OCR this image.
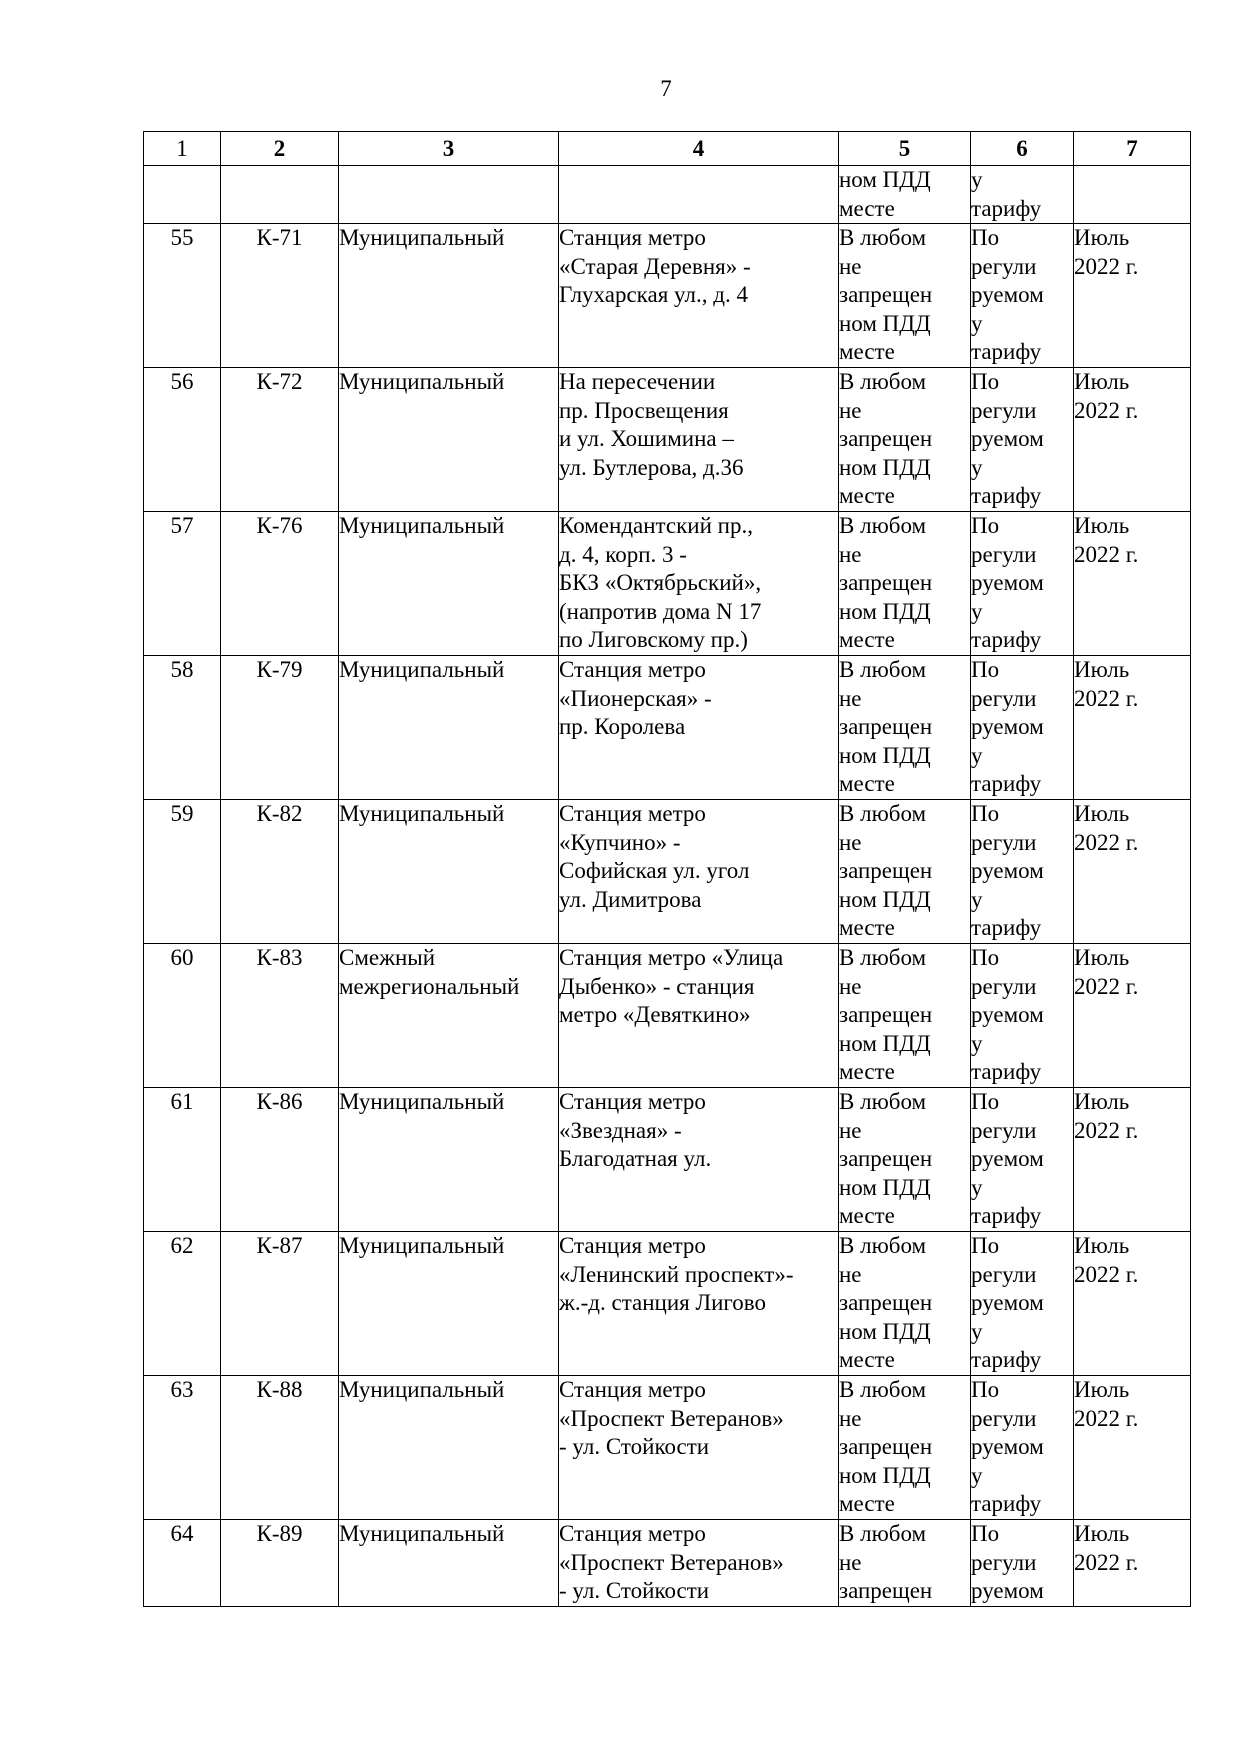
7
1	2	3	4	5	6	7
				ном ПДД
месте	у
тарифу	
55	К-71	Муниципальный	Станция метро
«Старая Деревня» -
Глухарская ул., д. 4	В любом
не
запрещен
ном ПДД
месте	По
регули
руемом
у
тарифу	Июль
2022 г.
56	К-72	Муниципальный	На пересечении
пр. Просвещения
и ул. Хошимина –
ул. Бутлерова, д.36	В любом
не
запрещен
ном ПДД
месте	По
регули
руемом
у
тарифу	Июль
2022 г.
57	К-76	Муниципальный	Комендантский пр.,
д. 4, корп. 3 -
БКЗ «Октябрьский»,
(напротив дома N 17
по Лиговскому пр.)	В любом
не
запрещен
ном ПДД
месте	По
регули
руемом
у
тарифу	Июль
2022 г.
58	К-79	Муниципальный	Станция метро
«Пионерская» -
пр. Королева	В любом
не
запрещен
ном ПДД
месте	По
регули
руемом
у
тарифу	Июль
2022 г.
59	К-82	Муниципальный	Станция метро
«Купчино» -
Софийская ул. угол
ул. Димитрова	В любом
не
запрещен
ном ПДД
месте	По
регули
руемом
у
тарифу	Июль
2022 г.
60	К-83	Смежный
межрегиональный	Станция метро «Улица
Дыбенко» - станция
метро «Девяткино»	В любом
не
запрещен
ном ПДД
месте	По
регули
руемом
у
тарифу	Июль
2022 г.
61	К-86	Муниципальный	Станция метро
«Звездная» -
Благодатная ул.	В любом
не
запрещен
ном ПДД
месте	По
регули
руемом
у
тарифу	Июль
2022 г.
62	К-87	Муниципальный	Станция метро
«Ленинский проспект»-
ж.-д. станция Лигово	В любом
не
запрещен
ном ПДД
месте	По
регули
руемом
у
тарифу	Июль
2022 г.
63	К-88	Муниципальный	Станция метро
«Проспект Ветеранов»
- ул. Стойкости	В любом
не
запрещен
ном ПДД
месте	По
регули
руемом
у
тарифу	Июль
2022 г.
64	К-89	Муниципальный	Станция метро
«Проспект Ветеранов»
- ул. Стойкости	В любом
не
запрещен	По
регули
руемом	Июль
2022 г.
